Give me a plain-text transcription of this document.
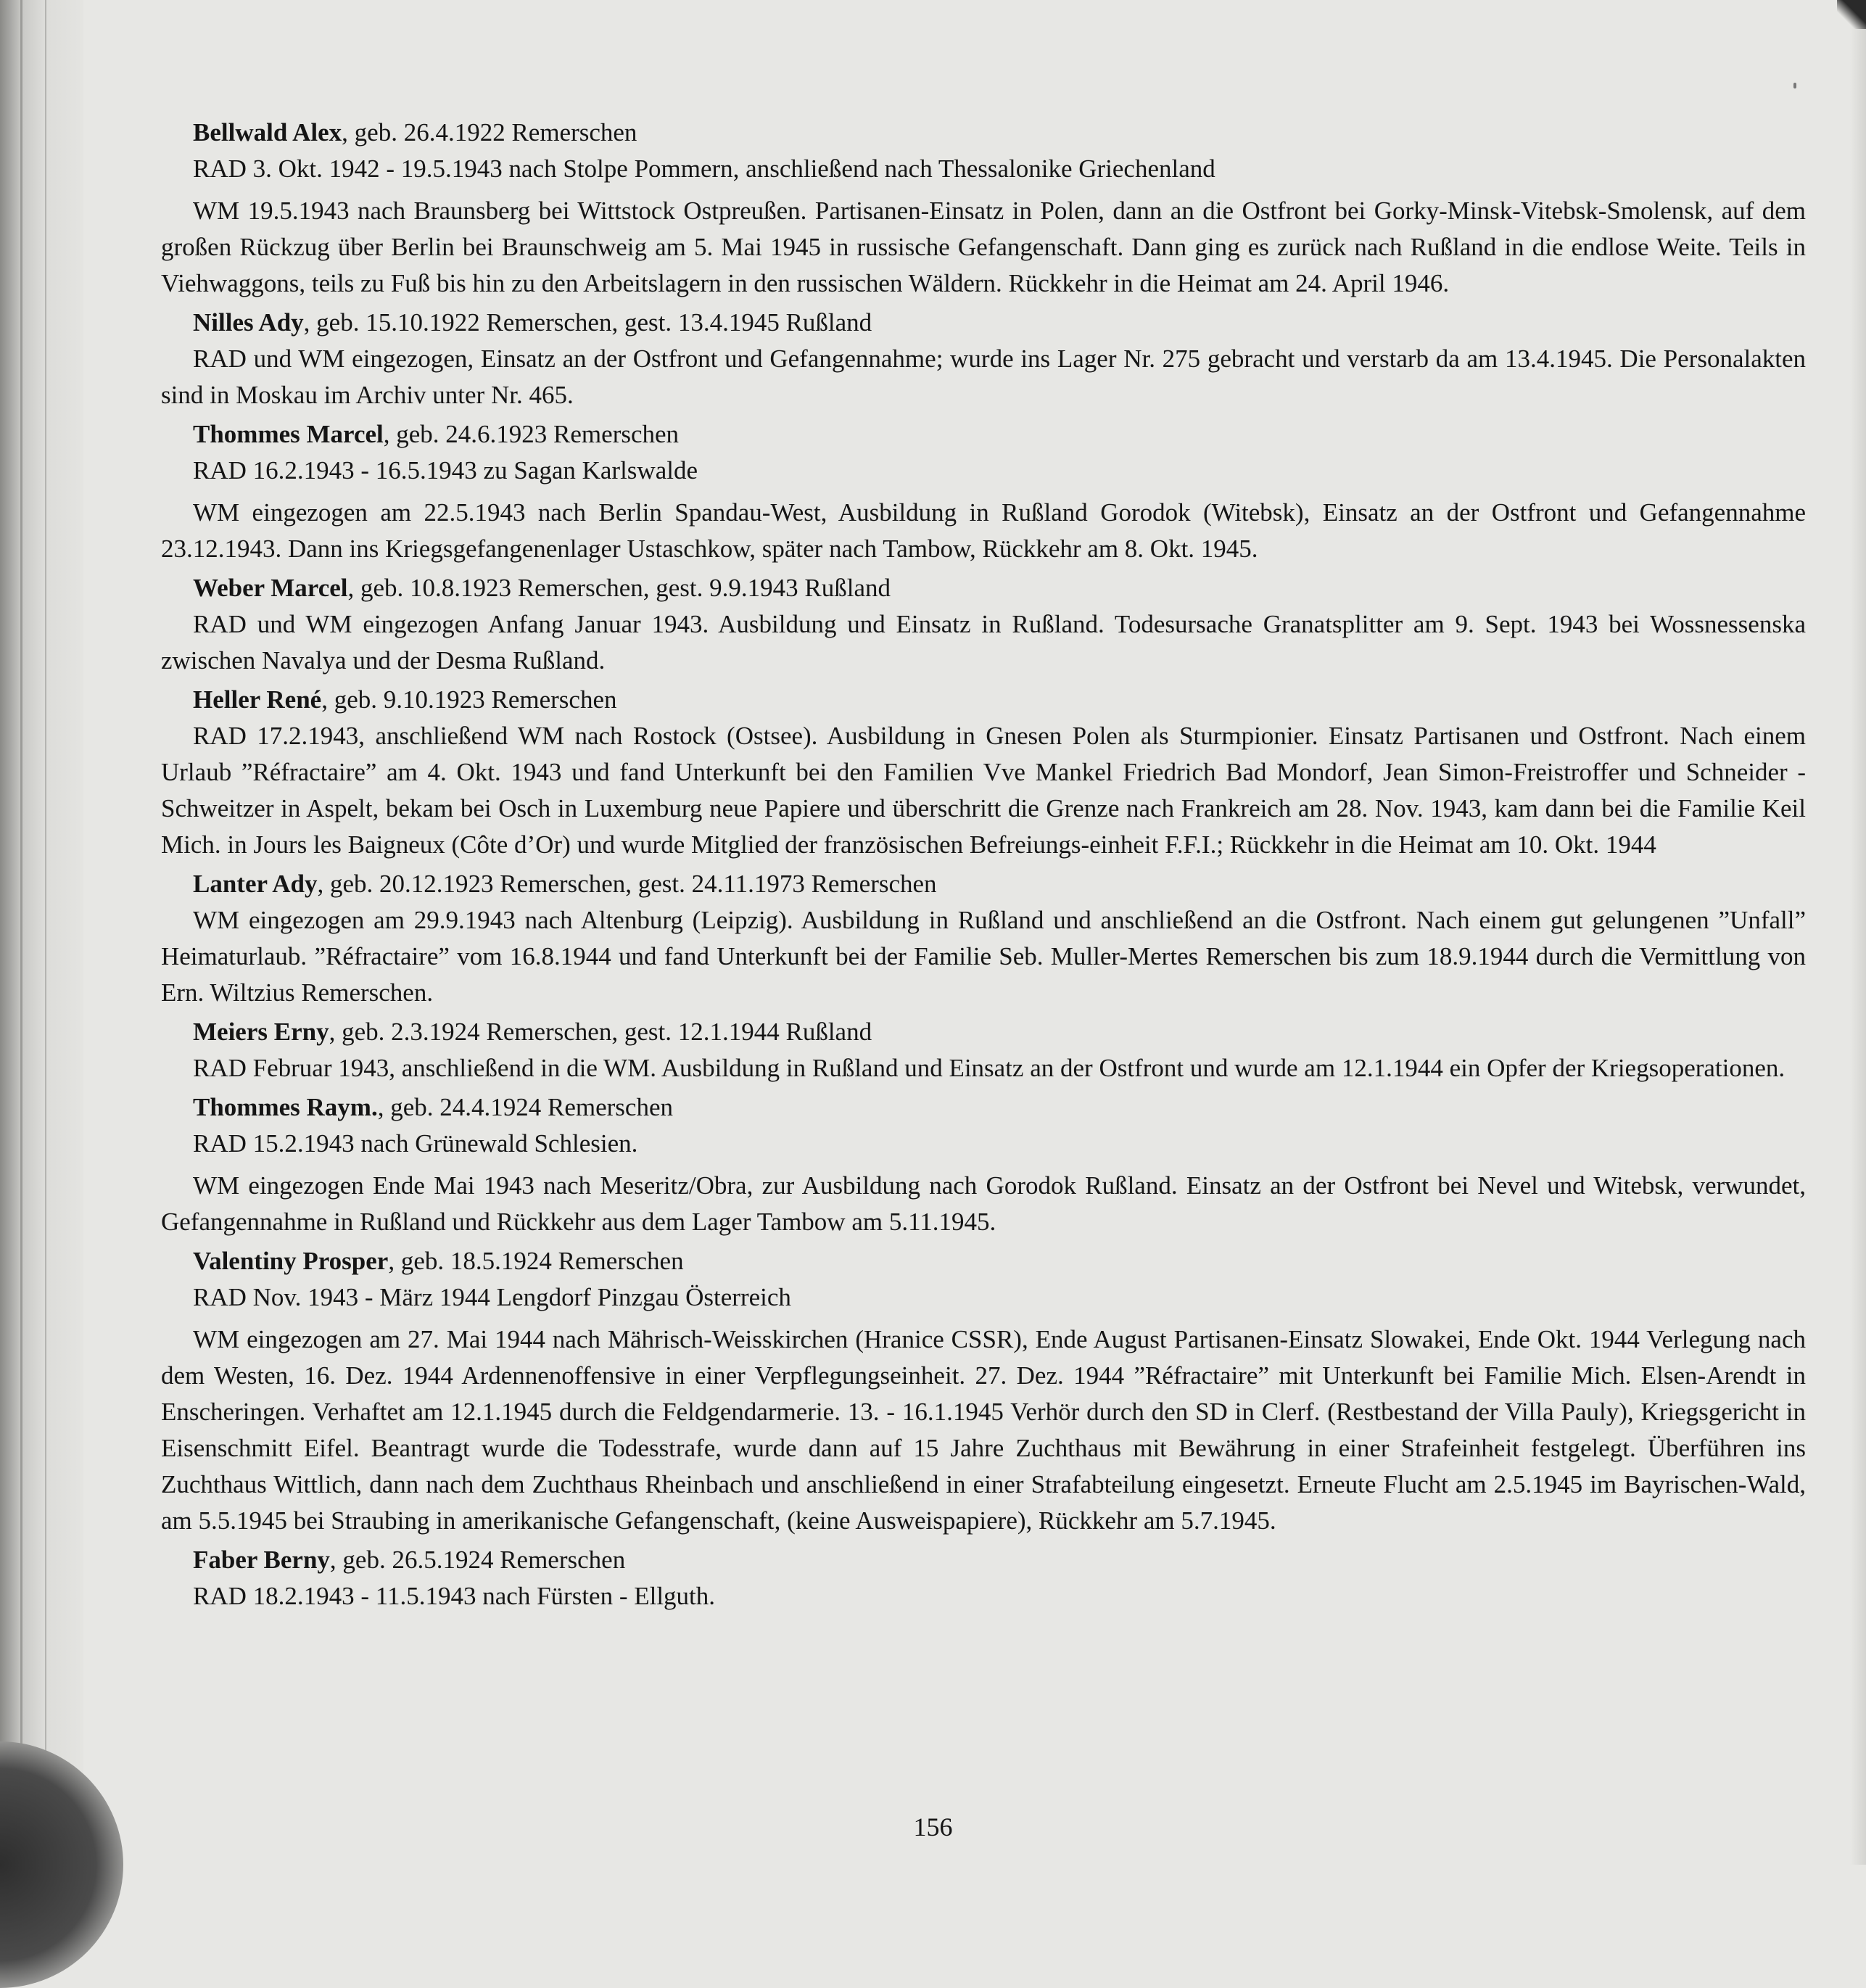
Bellwald Alex, geb. 26.4.1922 Remerschen

RAD 3. Okt. 1942 - 19.5.1943 nach Stolpe Pommern, anschließend nach Thessalonike Griechenland

WM 19.5.1943 nach Braunsberg bei Wittstock Ostpreußen. Partisanen-Einsatz in Polen, dann an die Ostfront bei Gorky-Minsk-Vitebsk-Smolensk, auf dem großen Rückzug über Berlin bei Braunschweig am 5. Mai 1945 in russische Gefangenschaft. Dann ging es zurück nach Rußland in die endlose Weite. Teils in Viehwaggons, teils zu Fuß bis hin zu den Arbeitslagern in den russischen Wäldern. Rückkehr in die Heimat am 24. April 1946.

Nilles Ady, geb. 15.10.1922 Remerschen, gest. 13.4.1945 Rußland

RAD und WM eingezogen, Einsatz an der Ostfront und Gefangennahme; wurde ins Lager Nr. 275 gebracht und verstarb da am 13.4.1945. Die Personalakten sind in Moskau im Archiv unter Nr. 465.

Thommes Marcel, geb. 24.6.1923 Remerschen

RAD 16.2.1943 - 16.5.1943 zu Sagan Karlswalde

WM eingezogen am 22.5.1943 nach Berlin Spandau-West, Ausbildung in Rußland Gorodok (Witebsk), Einsatz an der Ostfront und Gefangennahme 23.12.1943. Dann ins Kriegsgefangenenlager Ustaschkow, später nach Tambow, Rückkehr am 8. Okt. 1945.

Weber Marcel, geb. 10.8.1923 Remerschen, gest. 9.9.1943 Rußland

RAD und WM eingezogen Anfang Januar 1943. Ausbildung und Einsatz in Rußland. Todesursache Granatsplitter am 9. Sept. 1943 bei Wossnessenska zwischen Navalya und der Desma Rußland.

Heller René, geb. 9.10.1923 Remerschen

RAD 17.2.1943, anschließend WM nach Rostock (Ostsee). Ausbildung in Gnesen Polen als Sturmpionier. Einsatz Partisanen und Ostfront. Nach einem Urlaub ”Réfractaire” am 4. Okt. 1943 und fand Unterkunft bei den Familien Vve Mankel Friedrich Bad Mondorf, Jean Simon-Freistroffer und Schneider - Schweitzer in Aspelt, bekam bei Osch in Luxemburg neue Papiere und überschritt die Grenze nach Frankreich am 28. Nov. 1943, kam dann bei die Familie Keil Mich. in Jours les Baigneux (Côte d’Or) und wurde Mitglied der französischen Befreiungs-einheit F.F.I.; Rückkehr in die Heimat am 10. Okt. 1944

Lanter Ady, geb. 20.12.1923 Remerschen, gest. 24.11.1973 Remerschen

WM eingezogen am 29.9.1943 nach Altenburg (Leipzig). Ausbildung in Rußland und anschließend an die Ostfront. Nach einem gut gelungenen ”Unfall” Heimaturlaub. ”Réfractaire” vom 16.8.1944 und fand Unterkunft bei der Familie Seb. Muller-Mertes Remerschen bis zum 18.9.1944 durch die Vermittlung von Ern. Wiltzius Remerschen.

Meiers Erny, geb. 2.3.1924 Remerschen, gest. 12.1.1944 Rußland

RAD Februar 1943, anschließend in die WM. Ausbildung in Rußland und Einsatz an der Ostfront und wurde am 12.1.1944 ein Opfer der Kriegsoperationen.

Thommes Raym., geb. 24.4.1924 Remerschen

RAD 15.2.1943 nach Grünewald Schlesien.

WM eingezogen Ende Mai 1943 nach Meseritz/Obra, zur Ausbildung nach Gorodok Rußland. Einsatz an der Ostfront bei Nevel und Witebsk, verwundet, Gefangennahme in Rußland und Rückkehr aus dem Lager Tambow am 5.11.1945.

Valentiny Prosper, geb. 18.5.1924 Remerschen

RAD Nov. 1943 - März 1944 Lengdorf Pinzgau Österreich

WM eingezogen am 27. Mai 1944 nach Mährisch-Weisskirchen (Hranice CSSR), Ende August Partisanen-Einsatz Slowakei, Ende Okt. 1944 Verlegung nach dem Westen, 16. Dez. 1944 Ardennenoffensive in einer Verpflegungseinheit. 27. Dez. 1944 ”Réfractaire” mit Unterkunft bei Familie Mich. Elsen-Arendt in Enscheringen. Verhaftet am 12.1.1945 durch die Feldgendarmerie. 13. - 16.1.1945 Verhör durch den SD in Clerf. (Restbestand der Villa Pauly), Kriegsgericht in Eisenschmitt Eifel. Beantragt wurde die Todesstrafe, wurde dann auf 15 Jahre Zuchthaus mit Bewährung in einer Strafeinheit festgelegt. Überführen ins Zuchthaus Wittlich, dann nach dem Zuchthaus Rheinbach und anschließend in einer Strafabteilung eingesetzt. Erneute Flucht am 2.5.1945 im Bayrischen-Wald, am 5.5.1945 bei Straubing in amerikanische Gefangenschaft, (keine Ausweispapiere), Rückkehr am 5.7.1945.

Faber Berny, geb. 26.5.1924 Remerschen

RAD 18.2.1943 - 11.5.1943 nach Fürsten - Ellguth.

156
